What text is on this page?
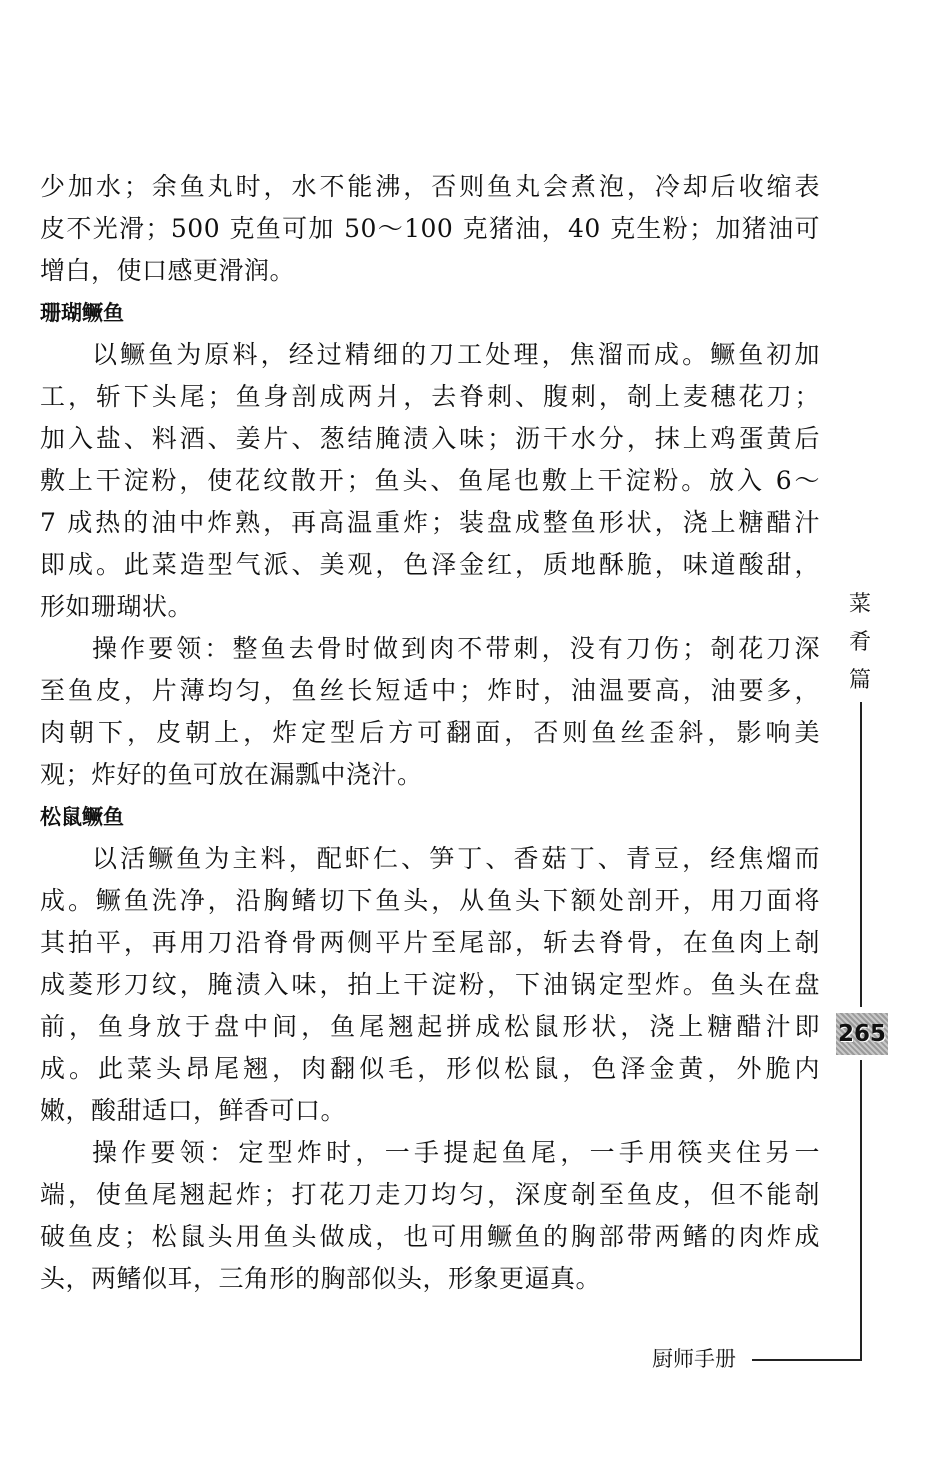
少加水；余鱼丸时，水不能沸，否则鱼丸会煮泡，冷却后收缩表
皮不光滑；500 克鱼可加 50～100 克猪油，40 克生粉；加猪油可
增白，使口感更滑润。
珊瑚鳜鱼
以鳜鱼为原料，经过精细的刀工处理，焦溜而成。鳜鱼初加
工，斩下头尾；鱼身剖成两爿，去脊刺、腹刺，剞上麦穗花刀；
加入盐、料酒、姜片、葱结腌渍入味；沥干水分，抹上鸡蛋黄后
敷上干淀粉，使花纹散开；鱼头、鱼尾也敷上干淀粉。放入 6～
7 成热的油中炸熟，再高温重炸；装盘成整鱼形状，浇上糖醋汁
即成。此菜造型气派、美观，色泽金红，质地酥脆，味道酸甜，
形如珊瑚状。
操作要领：整鱼去骨时做到肉不带刺，没有刀伤；剞花刀深
至鱼皮，片薄均匀，鱼丝长短适中；炸时，油温要高，油要多，
肉朝下，皮朝上，炸定型后方可翻面，否则鱼丝歪斜，影响美
观；炸好的鱼可放在漏瓢中浇汁。
松鼠鳜鱼
以活鳜鱼为主料，配虾仁、笋丁、香菇丁、青豆，经焦熘而
成。鳜鱼洗净，沿胸鳍切下鱼头，从鱼头下额处剖开，用刀面将
其拍平，再用刀沿脊骨两侧平片至尾部，斩去脊骨，在鱼肉上剞
成菱形刀纹，腌渍入味，拍上干淀粉，下油锅定型炸。鱼头在盘
前，鱼身放于盘中间，鱼尾翘起拼成松鼠形状，浇上糖醋汁即
成。此菜头昂尾翘，肉翻似毛，形似松鼠，色泽金黄，外脆内
嫩，酸甜适口，鲜香可口。
操作要领：定型炸时，一手提起鱼尾，一手用筷夹住另一
端，使鱼尾翘起炸；打花刀走刀均匀，深度剞至鱼皮，但不能剞
破鱼皮；松鼠头用鱼头做成，也可用鳜鱼的胸部带两鳍的肉炸成
头，两鳍似耳，三角形的胸部似头，形象更逼真。
菜
肴
篇
265
厨师手册
